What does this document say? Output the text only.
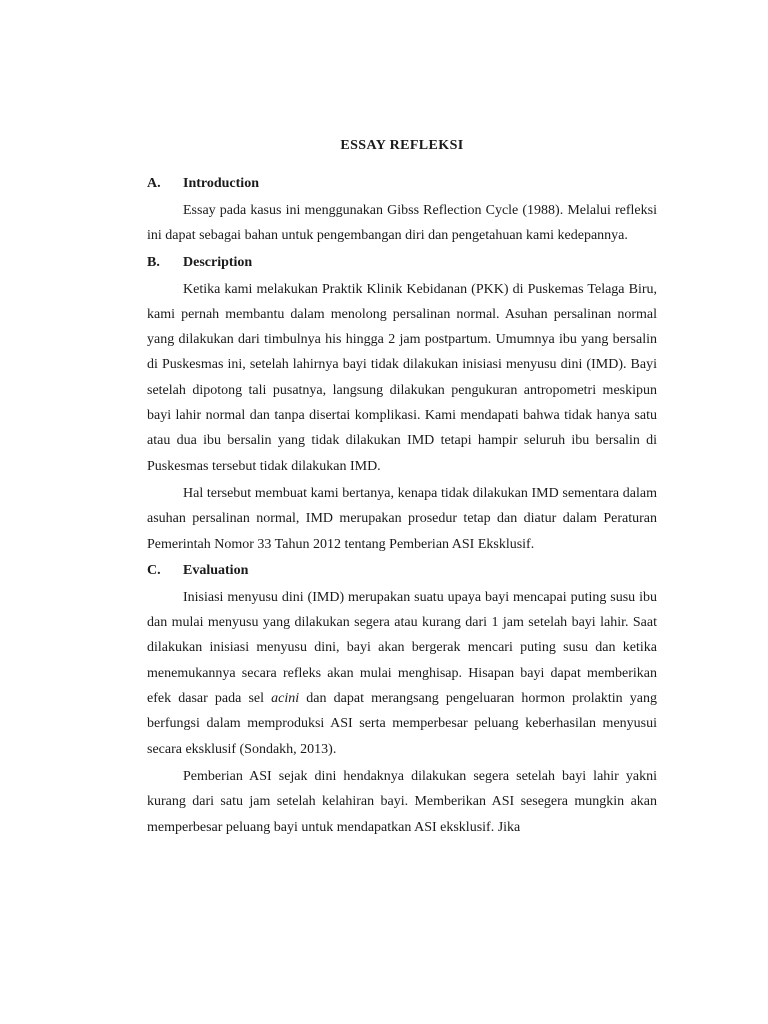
ESSAY REFLEKSI
A.	Introduction

Essay pada kasus ini menggunakan Gibss Reflection Cycle (1988). Melalui refleksi ini dapat sebagai bahan untuk pengembangan diri dan pengetahuan kami kedepannya.

B.	Description

Ketika kami melakukan Praktik Klinik Kebidanan (PKK) di Puskemas Telaga Biru, kami pernah membantu dalam menolong persalinan normal. Asuhan persalinan normal yang dilakukan dari timbulnya his hingga 2 jam postpartum. Umumnya ibu yang bersalin di Puskesmas ini, setelah lahirnya bayi tidak dilakukan inisiasi menyusu dini (IMD). Bayi setelah dipotong tali pusatnya, langsung dilakukan pengukuran antropometri meskipun bayi lahir normal dan tanpa disertai komplikasi. Kami mendapati bahwa tidak hanya satu atau dua ibu bersalin yang tidak dilakukan IMD tetapi hampir seluruh ibu bersalin di Puskesmas tersebut tidak dilakukan IMD.

Hal tersebut membuat kami bertanya, kenapa tidak dilakukan IMD sementara dalam asuhan persalinan normal, IMD merupakan prosedur tetap dan diatur dalam Peraturan Pemerintah Nomor 33 Tahun 2012 tentang Pemberian ASI Eksklusif.

C.	Evaluation

Inisiasi menyusu dini (IMD) merupakan suatu upaya bayi mencapai puting susu ibu dan mulai menyusu yang dilakukan segera atau kurang dari 1 jam setelah bayi lahir. Saat dilakukan inisiasi menyusu dini, bayi akan bergerak mencari puting susu dan ketika menemukannya secara refleks akan mulai menghisap. Hisapan bayi dapat memberikan efek dasar pada sel acini dan dapat merangsang pengeluaran hormon prolaktin yang berfungsi dalam memproduksi ASI serta memperbesar peluang keberhasilan menyusui secara eksklusif (Sondakh, 2013).

Pemberian ASI sejak dini hendaknya dilakukan segera setelah bayi lahir yakni kurang dari satu jam setelah kelahiran bayi. Memberikan ASI sesegera mungkin akan memperbesar peluang bayi untuk mendapatkan ASI eksklusif. Jika
